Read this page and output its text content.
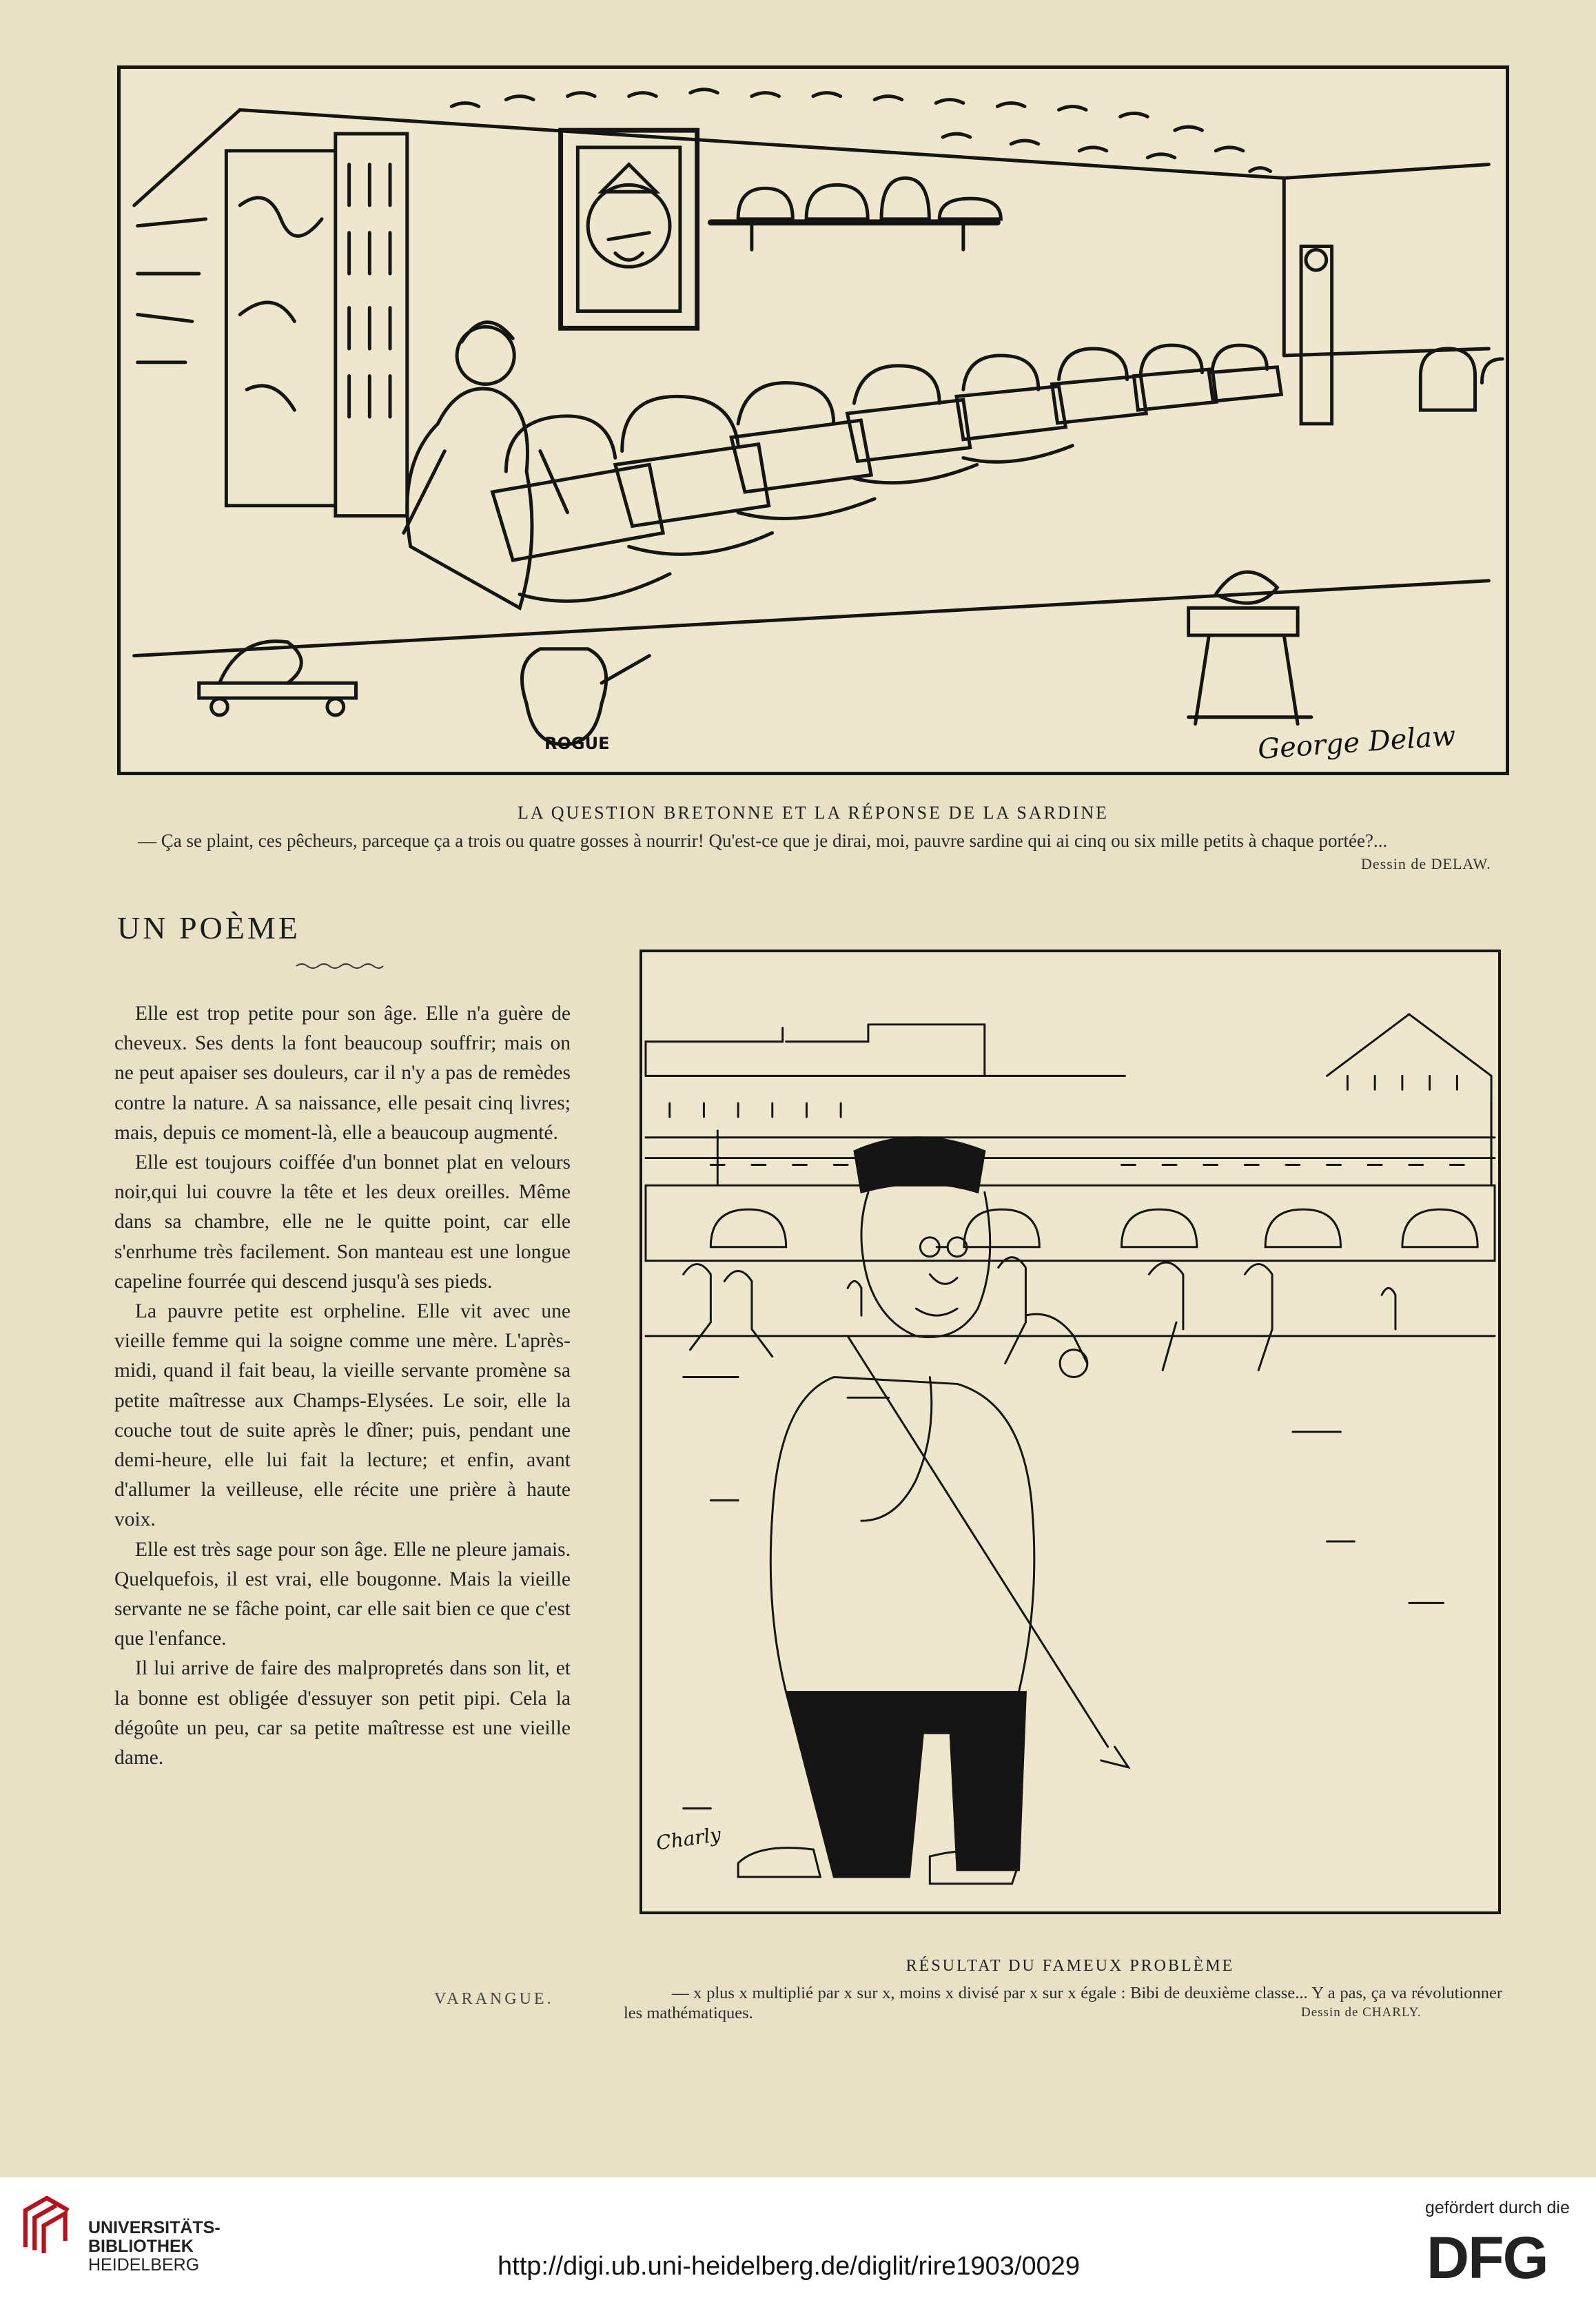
George Delaw
ROGUE
LA QUESTION BRETONNE ET LA RÉPONSE DE LA SARDINE
— Ça se plaint, ces pêcheurs, parceque ça a trois ou quatre gosses à nourrir! Qu'est-ce que je dirai, moi, pauvre sardine qui ai cinq ou six mille petits à chaque portée?...
Dessin de DELAW.
UN POÈME

Elle est trop petite pour son âge. Elle n'a guère de cheveux. Ses dents la font beaucoup souffrir; mais on ne peut apaiser ses douleurs, car il n'y a pas de remèdes contre la nature. A sa naissance, elle pesait cinq livres; mais, depuis ce moment-là, elle a beaucoup augmenté.

Elle est toujours coiffée d'un bonnet plat en velours noir,qui lui couvre la tête et les deux oreilles. Même dans sa chambre, elle ne le quitte point, car elle s'enrhume très facilement. Son manteau est une longue capeline fourrée qui descend jusqu'à ses pieds.

La pauvre petite est orpheline. Elle vit avec une vieille femme qui la soigne comme une mère. L'après-midi, quand il fait beau, la vieille servante promène sa petite maîtresse aux Champs-Elysées. Le soir, elle la couche tout de suite après le dîner; puis, pendant une demi-heure, elle lui fait la lecture; et enfin, avant d'allumer la veilleuse, elle récite une prière à haute voix.

Elle est très sage pour son âge. Elle ne pleure jamais. Quelquefois, il est vrai, elle bougonne. Mais la vieille servante ne se fâche point, car elle sait bien ce que c'est que l'enfance.

Il lui arrive de faire des malpropretés dans son lit, et la bonne est obligée d'essuyer son petit pipi. Cela la dégoûte un peu, car sa petite maîtresse est une vieille dame.

VARANGUE.
Charly
RÉSULTAT DU FAMEUX PROBLÈME
— x plus x multiplié par x sur x, moins x divisé par x sur x égale : Bibi de deuxième classe... Y a pas, ça va révolutionner les mathématiques.	Dessin de CHARLY.
UNIVERSITÄTS-
BIBLIOTHEK
HEIDELBERG	http://digi.ub.uni-heidelberg.de/diglit/rire1903/0029
gefördert durch die
DFG
